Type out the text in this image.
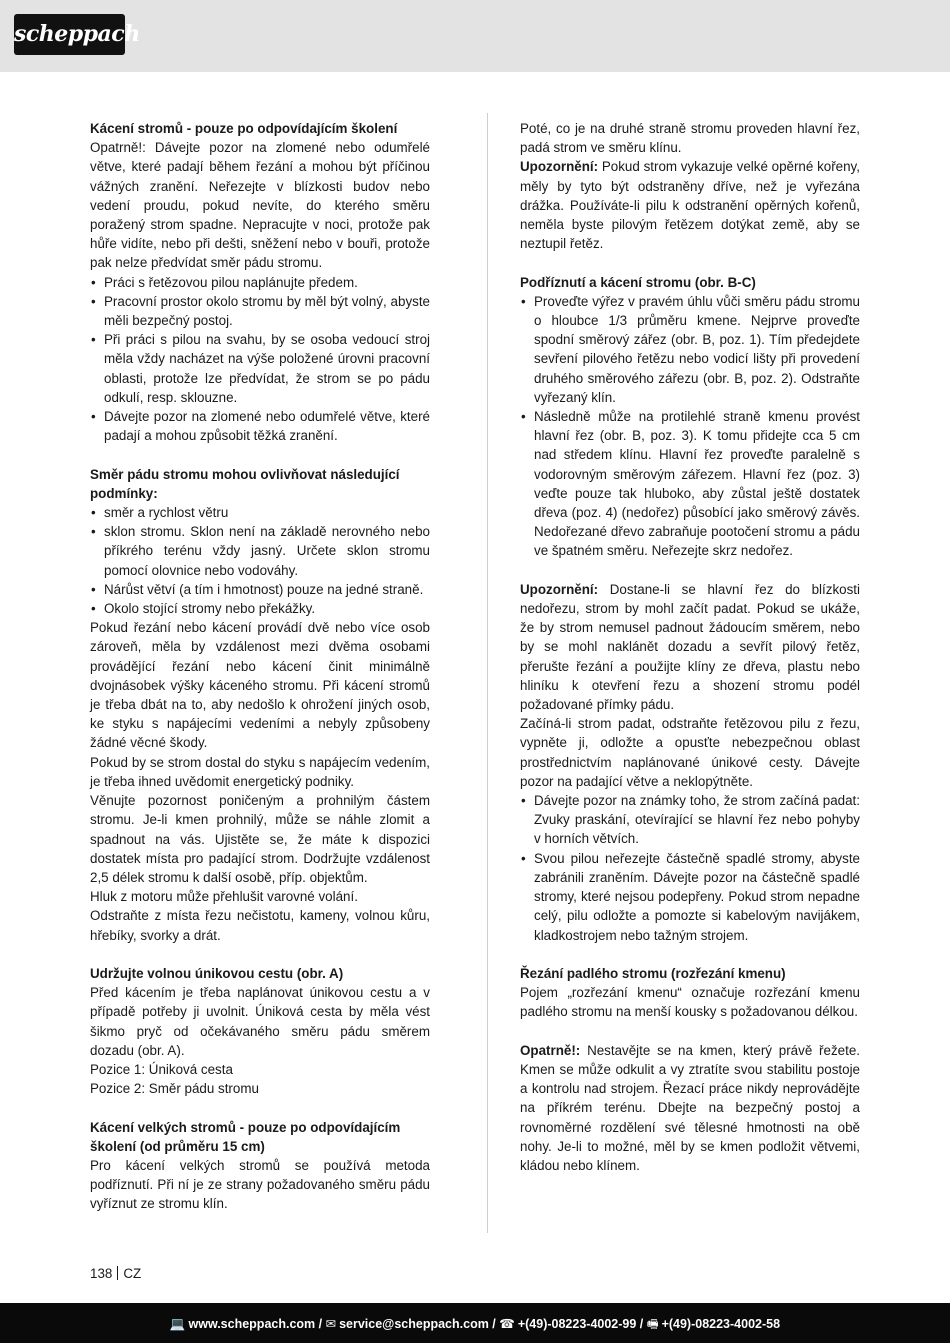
scheppach
Kácení stromů - pouze po odpovídajícím školení

Opatrně!: Dávejte pozor na zlomené nebo odumřelé větve, které padají během řezání a mohou být příčinou vážných zranění. Neřezejte v blízkosti budov nebo vedení proudu, pokud nevíte, do kterého směru poražený strom spadne. Nepracujte v noci, protože pak hůře vidíte, nebo při dešti, sněžení nebo v bouři, protože pak nelze předvídat směr pádu stromu.

• Práci s řetězovou pilou naplánujte předem.
• Pracovní prostor okolo stromu by měl být volný, abyste měli bezpečný postoj.
• Při práci s pilou na svahu, by se osoba vedoucí stroj měla vždy nacházet na výše položené úrovni pracovní oblasti, protože lze předvídat, že strom se po pádu odkulí, resp. sklouzne.
• Dávejte pozor na zlomené nebo odumřelé větve, které padají a mohou způsobit těžká zranění.
Směr pádu stromu mohou ovlivňovat následující podmínky:
• směr a rychlost větru
• sklon stromu. Sklon není na základě nerovného nebo příkrého terénu vždy jasný. Určete sklon stromu pomocí olovnice nebo vodováhy.
• Nárůst větví (a tím i hmotnost) pouze na jedné straně.
• Okolo stojící stromy nebo překážky.

Pokud řezání nebo kácení provádí dvě nebo více osob zároveň, měla by vzdálenost mezi dvěma osobami provádějící řezání nebo kácení činit minimálně dvojnásobek výšky káceného stromu. Při kácení stromů je třeba dbát na to, aby nedošlo k ohrožení jiných osob, ke styku s napájecími vedeními a nebyly způsobeny žádné věcné škody.

Pokud by se strom dostal do styku s napájecím vedením, je třeba ihned uvědomit energetický podniky.

Věnujte pozornost poničeným a prohnilým částem stromu. Je-li kmen prohnilý, může se náhle zlomit a spadnout na vás. Ujistěte se, že máte k dispozici dostatek místa pro padající strom. Dodržujte vzdálenost 2,5 délek stromu k další osobě, příp. objektům.

Hluk z motoru může přehlušit varovné volání.

Odstraňte z místa řezu nečistotu, kameny, volnou kůru, hřebíky, svorky a drát.

Udržujte volnou únikovou cestu (obr. A)

Před kácením je třeba naplánovat únikovou cestu a v případě potřeby ji uvolnit. Úniková cesta by měla vést šikmo pryč od očekávaného směru pádu směrem dozadu (obr. A).

Pozice 1: Úniková cesta

Pozice 2: Směr pádu stromu

Kácení velkých stromů - pouze po odpovídajícím školení (od průměru 15 cm)

Pro kácení velkých stromů se používá metoda podříznutí. Při ní je ze strany požadovaného směru pádu vyříznut ze stromu klín.

Poté, co je na druhé straně stromu proveden hlavní řez, padá strom ve směru klínu.

Upozornění: Pokud strom vykazuje velké opěrné kořeny, měly by tyto být odstraněny dříve, než je vyřezána drážka. Používáte-li pilu k odstranění opěrných kořenů, neměla byste pilovým řetězem dotýkat země, aby se neztupil řetěz.

Podříznutí a kácení stromu (obr. B-C)
• Proveďte výřez v pravém úhlu vůči směru pádu stromu o hloubce 1/3 průměru kmene. Nejprve proveďte spodní směrový zářez (obr. B, poz. 1). Tím předejdete sevření pilového řetězu nebo vodicí lišty při provedení druhého směrového zářezu (obr. B, poz. 2). Odstraňte vyřezaný klín.
• Následně může na protilehlé straně kmenu provést hlavní řez (obr. B, poz. 3). K tomu přidejte cca 5 cm nad středem klínu. Hlavní řez proveďte paralelně s vodorovným směrovým zářezem. Hlavní řez (poz. 3) veďte pouze tak hluboko, aby zůstal ještě dostatek dřeva (poz. 4) (nedořez) působící jako směrový závěs. Nedořezané dřevo zabraňuje pootočení stromu a pádu ve špatném směru. Neřezejte skrz nedořez.

Upozornění: Dostane-li se hlavní řez do blízkosti nedořezu, strom by mohl začít padat. Pokud se ukáže, že by strom nemusel padnout žádoucím směrem, nebo by se mohl naklánět dozadu a sevřít pilový řetěz, přerušte řezání a použijte klíny ze dřeva, plastu nebo hliníku k otevření řezu a shození stromu podél požadované přímky pádu.

Začíná-li strom padat, odstraňte řetězovou pilu z řezu, vypněte ji, odložte a opusťte nebezpečnou oblast prostřednictvím naplánované únikové cesty. Dávejte pozor na padající větve a neklopýtněte.

• Dávejte pozor na známky toho, že strom začíná padat: Zvuky praskání, otevírající se hlavní řez nebo pohyby v horních větvích.
• Svou pilou neřezejte částečně spadlé stromy, abyste zabránili zraněním. Dávejte pozor na částečně spadlé stromy, které nejsou podepřeny. Pokud strom nepadne celý, pilu odložte a pomozte si kabelovým navijákem, kladkostrojem nebo tažným strojem.
Řezání padlého stromu (rozřezání kmenu)

Pojem „rozřezání kmenu“ označuje rozřezání kmenu padlého stromu na menší kousky s požadovanou délkou.

Opatrně!: Nestavějte se na kmen, který právě řežete. Kmen se může odkulit a vy ztratíte svou stabilitu postoje a kontrolu nad strojem. Řezací práce nikdy neprovádějte na příkrém terénu. Dbejte na bezpečný postoj a rovnoměrné rozdělení své tělesné hmotnosti na obě nohy. Je-li to možné, měl by se kmen podložit větvemi, kládou nebo klínem.

138 CZ
💻 www.scheppach.com / ✉ service@scheppach.com / ☎ +(49)-08223-4002-99 / 🖷 +(49)-08223-4002-58
